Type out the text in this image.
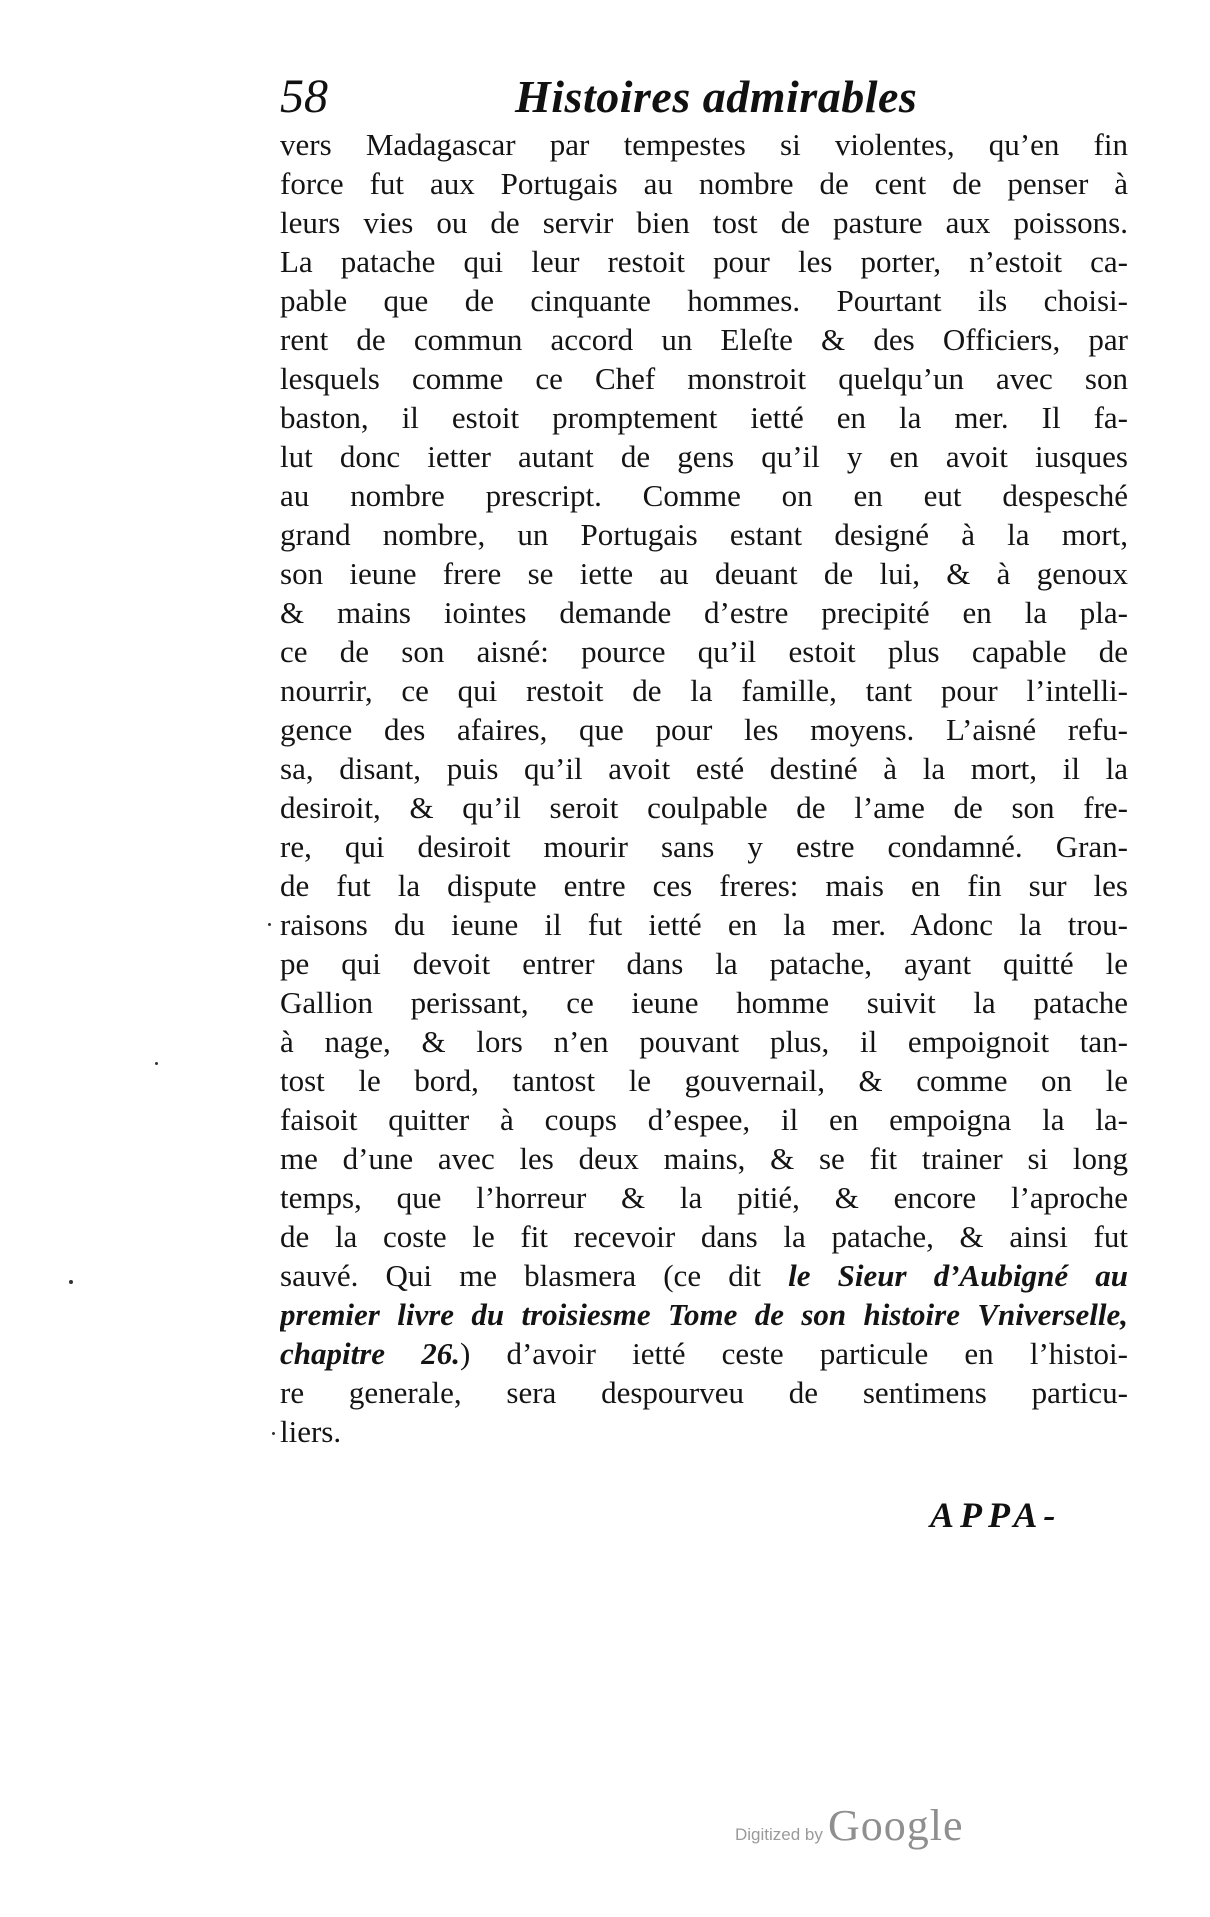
58	Histoires admirables
vers Madagascar par tempestes si violentes, qu’en fin
force fut aux Portugais au nombre de cent de penser à
leurs vies ou de servir bien tost de pasture aux poissons.
La patache qui leur restoit pour les porter, n’estoit ca-
pable que de cinquante hommes. Pourtant ils choisi-
rent de commun accord un Eleſte & des Officiers, par
lesquels comme ce Chef monstroit quelqu’un avec son
baston, il estoit promptement ietté en la mer. Il fa-
lut donc ietter autant de gens qu’il y en avoit iusques
au nombre prescript. Comme on en eut despesché
grand nombre, un Portugais estant designé à la mort,
son ieune frere se iette au deuant de lui, & à genoux
& mains iointes demande d’estre precipité en la pla-
ce de son aisné: pource qu’il estoit plus capable de
nourrir, ce qui restoit de la famille, tant pour l’intelli-
gence des afaires, que pour les moyens. L’aisné refu-
sa, disant, puis qu’il avoit esté destiné à la mort, il la
desiroit, & qu’il seroit coulpable de l’ame de son fre-
re, qui desiroit mourir sans y estre condamné. Gran-
de fut la dispute entre ces freres: mais en fin sur les
raisons du ieune il fut ietté en la mer. Adonc la trou-
pe qui devoit entrer dans la patache, ayant quitté le
Gallion perissant, ce ieune homme suivit la patache
à nage, & lors n’en pouvant plus, il empoignoit tan-
tost le bord, tantost le gouvernail, & comme on le
faisoit quitter à coups d’espee, il en empoigna la la-
me d’une avec les deux mains, & se fit trainer si long
temps, que l’horreur & la pitié, & encore l’aproche
de la coste le fit recevoir dans la patache, & ainsi fut
sauvé. Qui me blasmera (ce dit le Sieur d’Aubigné au
premier livre du troisiesme Tome de son histoire Vniverselle,
chapitre 26.) d’avoir ietté ceste particule en l’histoi-
re generale, sera despourveu de sentimens particu-
liers.
APPA-
Digitized by Google
